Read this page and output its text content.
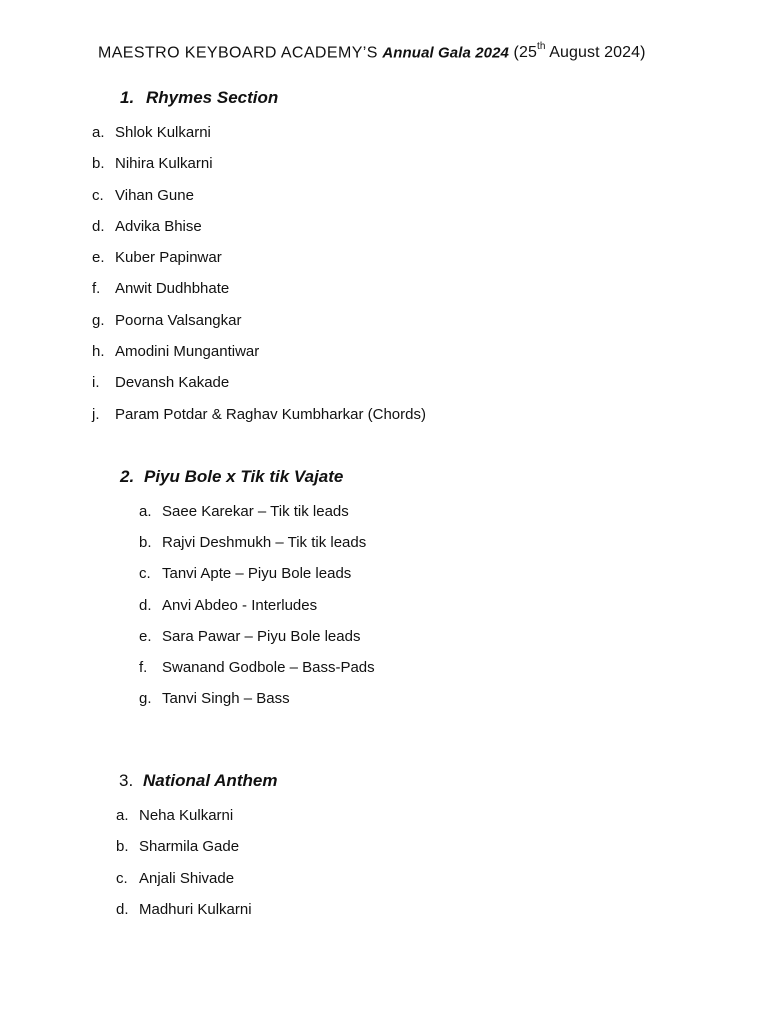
MAESTRO KEYBOARD ACADEMY’S Annual Gala 2024 (25th August 2024)
1. Rhymes Section
a. Shlok Kulkarni
b. Nihira Kulkarni
c. Vihan Gune
d. Advika Bhise
e. Kuber Papinwar
f. Anwit Dudhbhate
g. Poorna Valsangkar
h. Amodini Mungantiwar
i.	Devansh Kakade
j.	Param Potdar & Raghav Kumbharkar (Chords)
2. Piyu Bole x Tik tik Vajate
a. Saee Karekar – Tik tik leads
b. Rajvi Deshmukh – Tik tik leads
c. Tanvi Apte – Piyu Bole leads
d. Anvi Abdeo - Interludes
e. Sara Pawar – Piyu Bole leads
f. Swanand Godbole – Bass-Pads
g. Tanvi Singh – Bass
3. National Anthem
a. Neha Kulkarni
b. Sharmila Gade
c. Anjali Shivade
d. Madhuri Kulkarni
